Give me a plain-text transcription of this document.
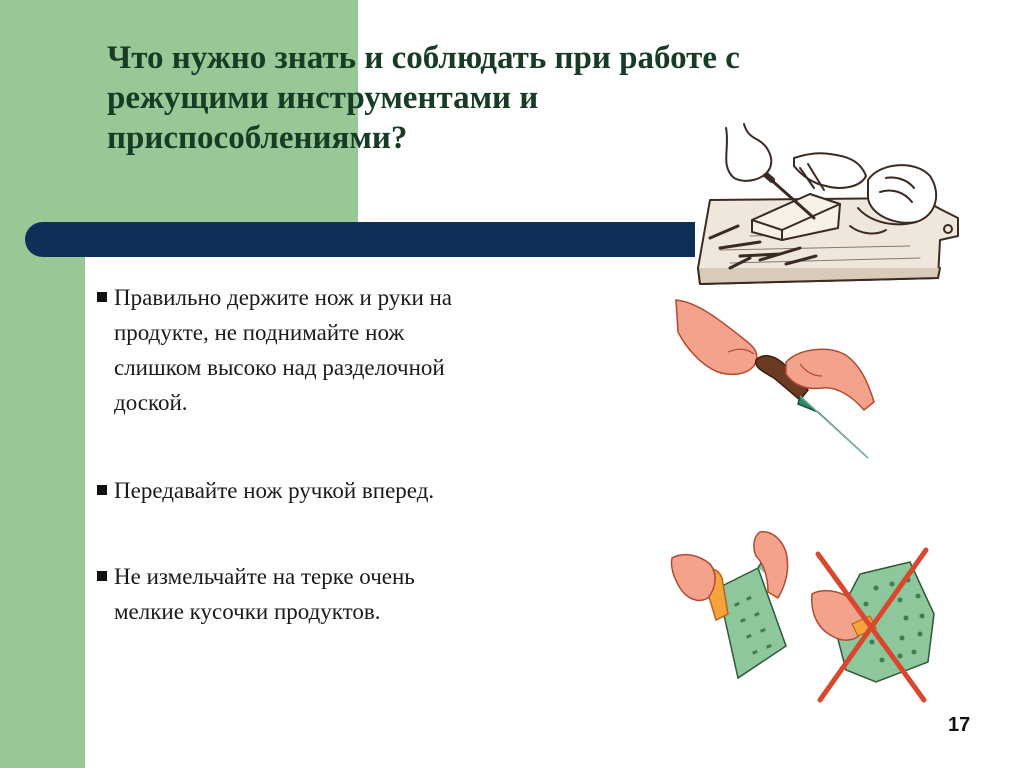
Что нужно знать и соблюдать при работе с
режущими инструментами и
приспособлениями?
Правильно держите нож и руки на
продукте, не поднимайте нож
слишком высоко над разделочной
доской.
Передавайте нож ручкой вперед.
Не измельчайте на терке очень
мелкие кусочки продуктов.
17
